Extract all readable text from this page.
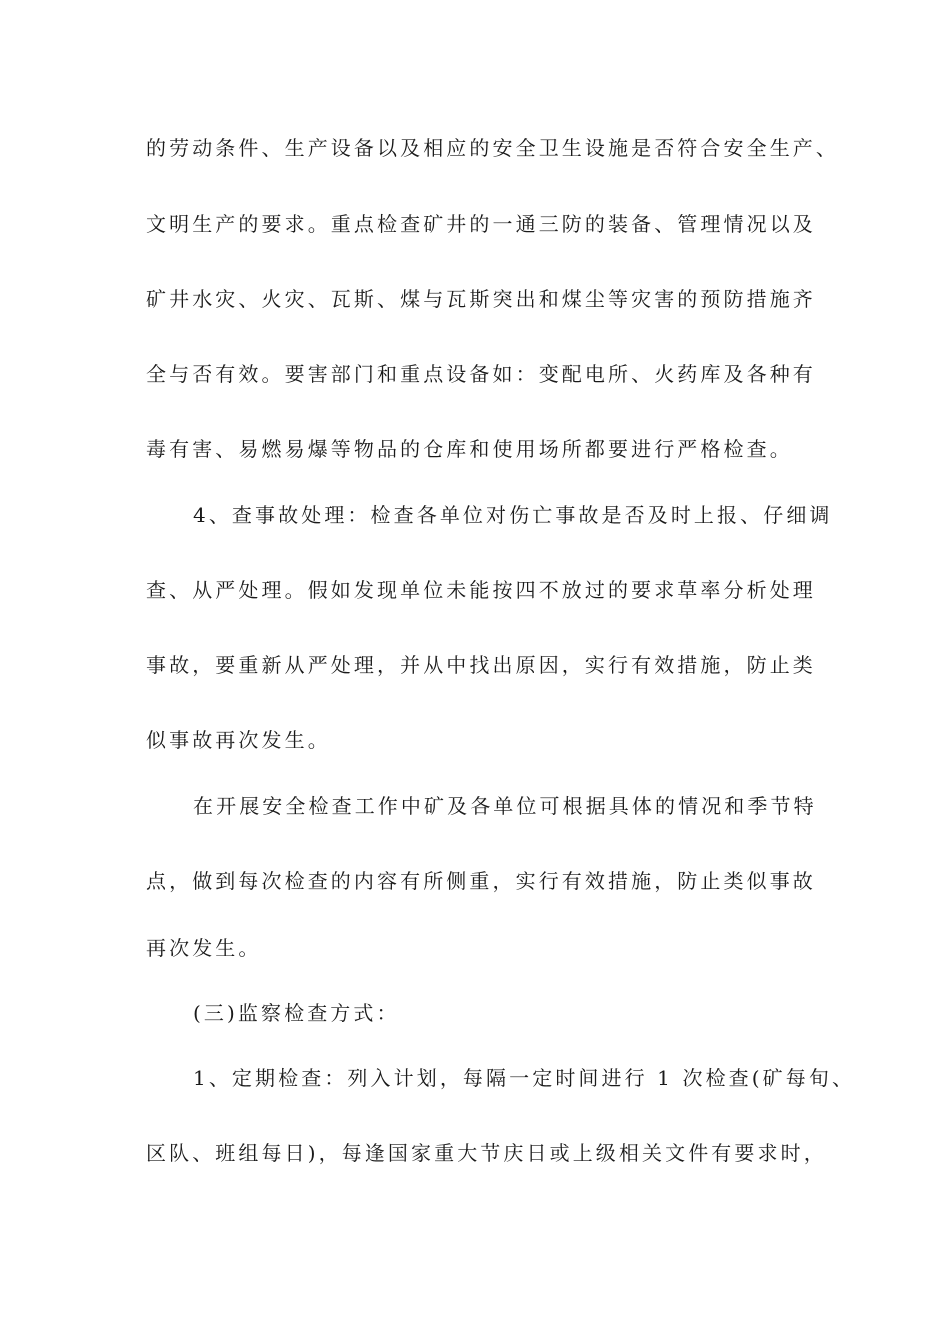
的劳动条件、生产设备以及相应的安全卫生设施是否符合安全生产、
文明生产的要求。重点检查矿井的一通三防的装备、管理情况以及
矿井水灾、火灾、瓦斯、煤与瓦斯突出和煤尘等灾害的预防措施齐
全与否有效。要害部门和重点设备如：变配电所、火药库及各种有
毒有害、易燃易爆等物品的仓库和使用场所都要进行严格检查。
4、查事故处理：检查各单位对伤亡事故是否及时上报、仔细调
查、从严处理。假如发现单位未能按四不放过的要求草率分析处理
事故，要重新从严处理，并从中找出原因，实行有效措施，防止类
似事故再次发生。
在开展安全检查工作中矿及各单位可根据具体的情况和季节特
点，做到每次检查的内容有所侧重，实行有效措施，防止类似事故
再次发生。
(三)监察检查方式：
1、定期检查：列入计划，每隔一定时间进行 1 次检查(矿每旬、
区队、班组每日)，每逢国家重大节庆日或上级相关文件有要求时，
